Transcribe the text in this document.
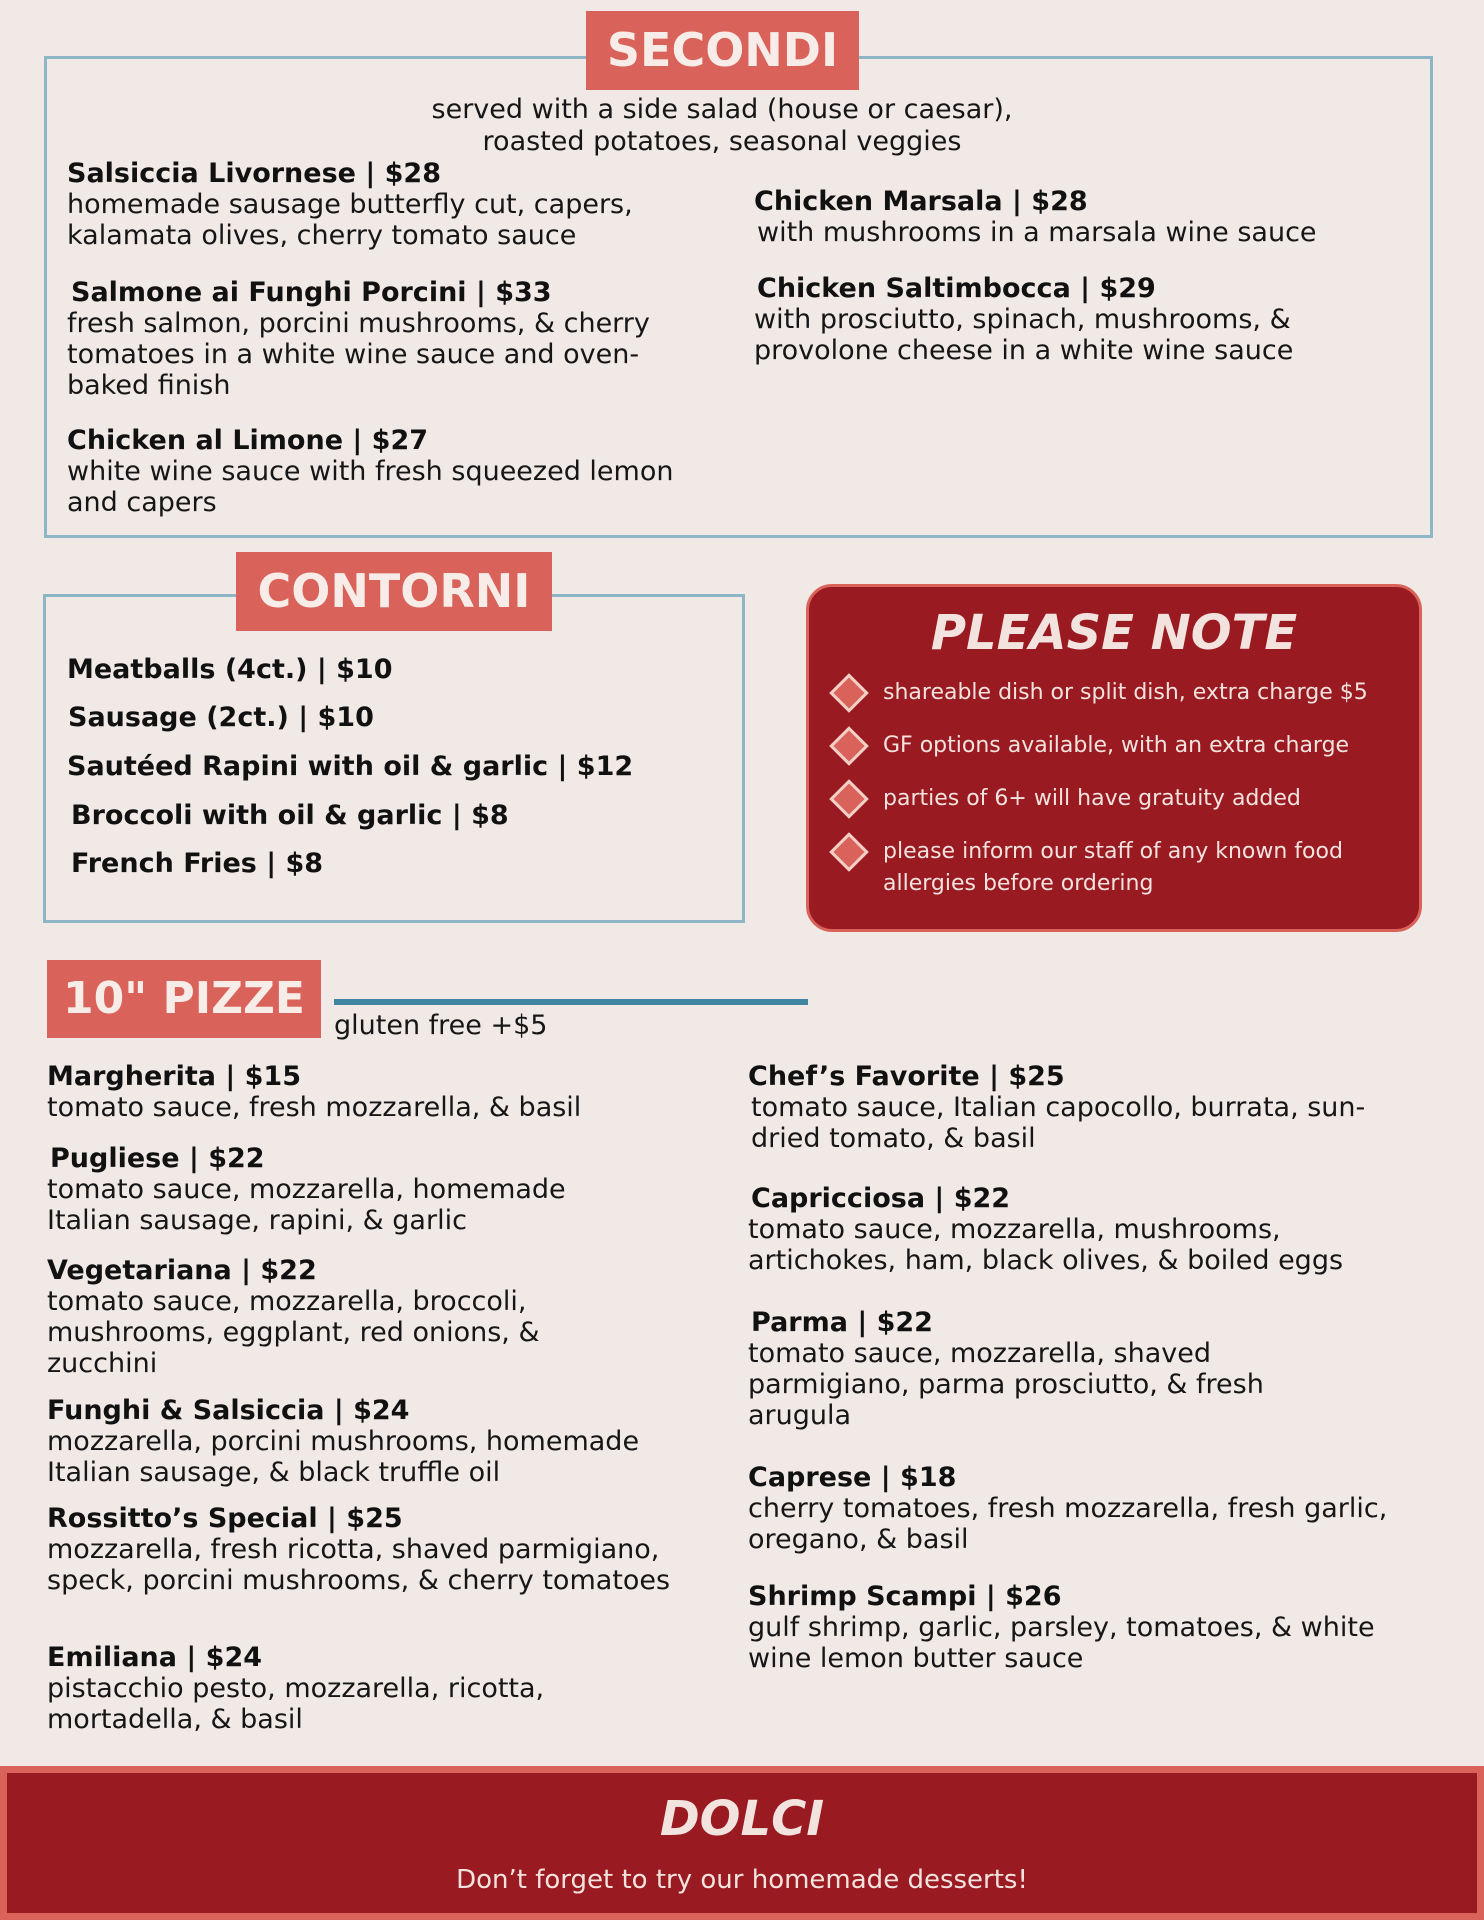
SECONDI
served with a side salad (house or caesar),
roasted potatoes, seasonal veggies
Salsiccia Livornese | $28
homemade sausage butterfly cut, capers, kalamata olives, cherry tomato sauce
Salmone ai Funghi Porcini | $33
fresh salmon, porcini mushrooms, & cherry tomatoes in a white wine sauce and oven-baked finish
Chicken al Limone | $27
white wine sauce with fresh squeezed lemon and capers
Chicken Marsala | $28
with mushrooms in a marsala wine sauce
Chicken Saltimbocca | $29
with prosciutto, spinach, mushrooms, & provolone cheese in a white wine sauce
CONTORNI
Meatballs (4ct.) | $10
Sausage (2ct.) | $10
Sautéed Rapini with oil & garlic | $12
Broccoli with oil & garlic | $8
French Fries | $8
PLEASE NOTE
shareable dish or split dish, extra charge $5
GF options available, with an extra charge
parties of 6+ will have gratuity added
please inform our staff of any known food allergies before ordering
10" PIZZE
gluten free +$5
Margherita | $15
tomato sauce, fresh mozzarella, & basil
Pugliese | $22
tomato sauce, mozzarella, homemade Italian sausage, rapini, & garlic
Vegetariana | $22
tomato sauce, mozzarella, broccoli, mushrooms, eggplant, red onions, & zucchini
Funghi & Salsiccia | $24
mozzarella, porcini mushrooms, homemade Italian sausage, & black truffle oil
Rossitto’s Special | $25
mozzarella, fresh ricotta, shaved parmigiano, speck, porcini mushrooms, & cherry tomatoes
Emiliana | $24
pistacchio pesto, mozzarella, ricotta, mortadella, & basil
Chef’s Favorite | $25
tomato sauce, Italian capocollo, burrata, sun-dried tomato, & basil
Capricciosa | $22
tomato sauce, mozzarella, mushrooms, artichokes, ham, black olives, & boiled eggs
Parma | $22
tomato sauce, mozzarella, shaved parmigiano, parma prosciutto, & fresh arugula
Caprese | $18
cherry tomatoes, fresh mozzarella, fresh garlic, oregano, & basil
Shrimp Scampi | $26
gulf shrimp, garlic, parsley, tomatoes, & white wine lemon butter sauce
DOLCI
Don’t forget to try our homemade desserts!
